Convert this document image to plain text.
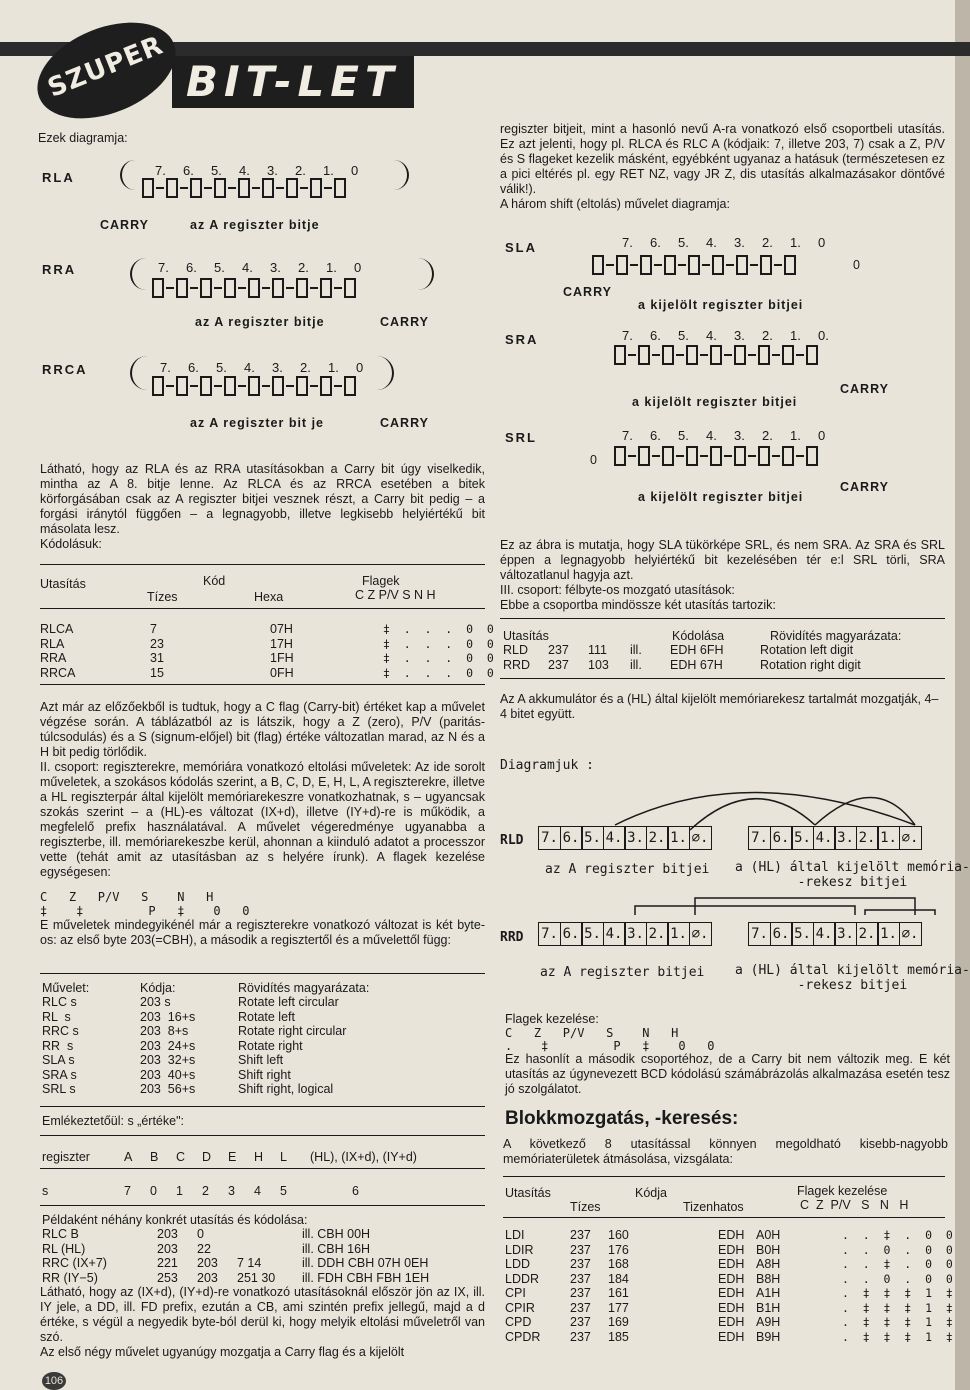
SZUPER BIT-LET
Ezek diagramja:
RLA	7.	6.	5.	4.	3.	2.	1.	0
CARRY	az A regiszter bitje
RRA	7.	6.	5.	4.	3.	2.	1.	0
az A regiszter bitje	CARRY
RRCA	7.	6.	5.	4.	3.	2.	1.	0
az A regiszter bit je	CARRY
Látható, hogy az RLA és az RRA utasításokban a Carry bit úgy viselkedik, mintha az A 8. bitje lenne. Az RLCA és az RRCA esetében a bitek körforgásában csak az A regiszter bitjei vesznek részt, a Carry bit pedig – a forgási iránytól függően – a legnagyobb, illetve legkisebb helyiértékű bit másolata lesz.
Kódolásuk:
Utasítás	Kód
Tízes	Hexa
Flagek
C Z P/V S N H
RLCA	7	07H	‡  .  .  .  0  0
RLA	23	17H	‡  .  .  .  0  0
RRA	31	1FH	‡  .  .  .  0  0
RRCA	15	0FH	‡  .  .  .  0  0
Azt már az előzőekből is tudtuk, hogy a C flag (Carry-bit) értéket kap a művelet végzése során. A táblázatból az is látszik, hogy a Z (zero), P/V (paritás-túlcsodulás) és a S (signum-előjel) bit (flag) értéke változatlan marad, az N és a H bit pedig törlődik.
II. csoport: regiszterekre, memóriára vonatkozó eltolási műveletek: Az ide sorolt műveletek, a szokásos kódolás szerint, a B, C, D, E, H, L, A regiszterekre, illetve a HL regiszterpár által kijelölt memóriarekeszre vonatkozhatnak, s – ugyancsak szokás szerint – a (HL)-es változat (IX+d), illetve (IY+d)-re is működik, a megfelelő prefix használatával. A művelet végeredménye ugyanabba a regiszterbe, ill. memóriarekeszbe kerül, ahonnan a kiinduló adatot a processzor vette (tehát amit az utasításban az s helyére írunk). A flagek kezelése egységesen:
C   Z   P/V   S    N   H
‡    ‡         P   ‡    0   0
E műveletek mindegyikénél már a regiszterekre vonatkozó változat is két byte-os: az első byte 203(=CBH), a második a regisztertől és a művelettől függ:
Művelet:	Kódja:	Rövidítés magyarázata:
RLC s	203 s	Rotate left circular
RL  s	203  16+s	Rotate left
RRC s	203  8+s	Rotate right circular
RR  s	203  24+s	Rotate right
SLA s	203  32+s	Shift left
SRA s	203  40+s	Shift right
SRL s	203  56+s	Shift right, logical
Emlékeztetőül: s „értéke":
regiszter	A B C D E H L (HL), (IX+d), (IY+d)
s	7 0 1 2 3 4 5	6
Példaként néhány konkrét utasítás és kódolása:
RLC B	203	0		ill. CBH 00H
RL (HL)	203	22		ill. CBH 16H
RRC (IX+7)	221	203	7 14	ill. DDH CBH 07H 0EH
RR (IY−5)	253	203	251 30	ill. FDH CBH FBH 1EH
Látható, hogy az (IX+d), (IY+d)-re vonatkozó utasításoknál először jön az IX, ill. IY jele, a DD, ill. FD prefix, ezután a CB, ami szintén prefix jellegű, majd a d értéke, s végül a negyedik byte-ból derül ki, hogy melyik eltolási műveletről van szó.
Az első négy művelet ugyanúgy mozgatja a Carry flag és a kijelölt
106
regiszter bitjeit, mint a hasonló nevű A-ra vonatkozó első csoportbeli utasítás. Ez azt jelenti, hogy pl. RLCA és RLC A (kódjaik: 7, illetve 203, 7) csak a Z, P/V és S flageket kezelik másként, egyébként ugyanaz a hatásuk (természetesen ez a pici eltérés pl. egy RET NZ, vagy JR Z, dis utasítás alkalmazásakor döntővé válik!).
A három shift (eltolás) művelet diagramja:
SLA	7.	6.	5.	4.	3.	2.	1.	0
0
CARRY
a kijelölt regiszter bitjei
SRA	7.	6.	5.	4.	3.	2.	1.	0.
CARRY
a kijelölt regiszter bitjei
SRL	7.	6.	5.	4.	3.	2.	1.	0
0
CARRY
a kijelölt regiszter bitjei
Ez az ábra is mutatja, hogy SLA tükörképe SRL, és nem SRA. Az SRA és SRL éppen a legnagyobb helyiértékű bit kezelésében tér e:l SRL törli, SRA változatlanul hagyja azt.
III. csoport: félbyte-os mozgató utasítások:
Ebbe a csoportba mindössze két utasítás tartozik:
Utasítás	Kódolása	Rövidítés magyarázata:
RLD	237	111	ill.	EDH 6FH	Rotation left digit
RRD	237	103	ill.	EDH 67H	Rotation right digit
Az A akkumulátor és a (HL) által kijelölt memóriarekesz tartalmát mozgatják, 4–4 bitet együtt.
Diagramjuk :
RLD 7. 6. 5. 4. 3. 2. 1. ∅.	7. 6. 5. 4. 3. 2. 1. ∅.
az A regiszter bitjei a (HL) által kijelölt memória-
-rekesz bitjei
RRD 7. 6. 5. 4. 3. 2. 1. ∅.	7. 6. 5. 4. 3. 2. 1. ∅.
az A regiszter bitjei a (HL) által kijelölt memória-
-rekesz bitjei
Flagek kezelése:
C   Z   P/V   S    N   H
.    ‡         P   ‡    0   0
Ez hasonlít a második csoportéhoz, de a Carry bit nem változik meg. E két utasítás az úgynevezett BCD kódolású számábrázolás alkalmazása esetén tesz jó szolgálatot.
Blokkmozgatás, -keresés:
A következő 8 utasítással könnyen megoldható kisebb-nagyobb memóriaterületek átmásolása, vizsgálata:
Utasítás	Kódja
Tízes	Tizenhatos
Flagek kezelése
C  Z  P/V   S   N   H
LDI	237	160	EDH	A0H	.  .  ‡  .  0  0
LDIR	237	176	EDH	B0H	.  .  0  .  0  0
LDD	237	168	EDH	A8H	.  .  ‡  .  0  0
LDDR	237	184	EDH	B8H	.  .  0  .  0  0
CPI	237	161	EDH	A1H	.  ‡  ‡  ‡  1  ‡
CPIR	237	177	EDH	B1H	.  ‡  ‡  ‡  1  ‡
CPD	237	169	EDH	A9H	.  ‡  ‡  ‡  1  ‡
CPDR	237	185	EDH	B9H	.  ‡  ‡  ‡  1  ‡
